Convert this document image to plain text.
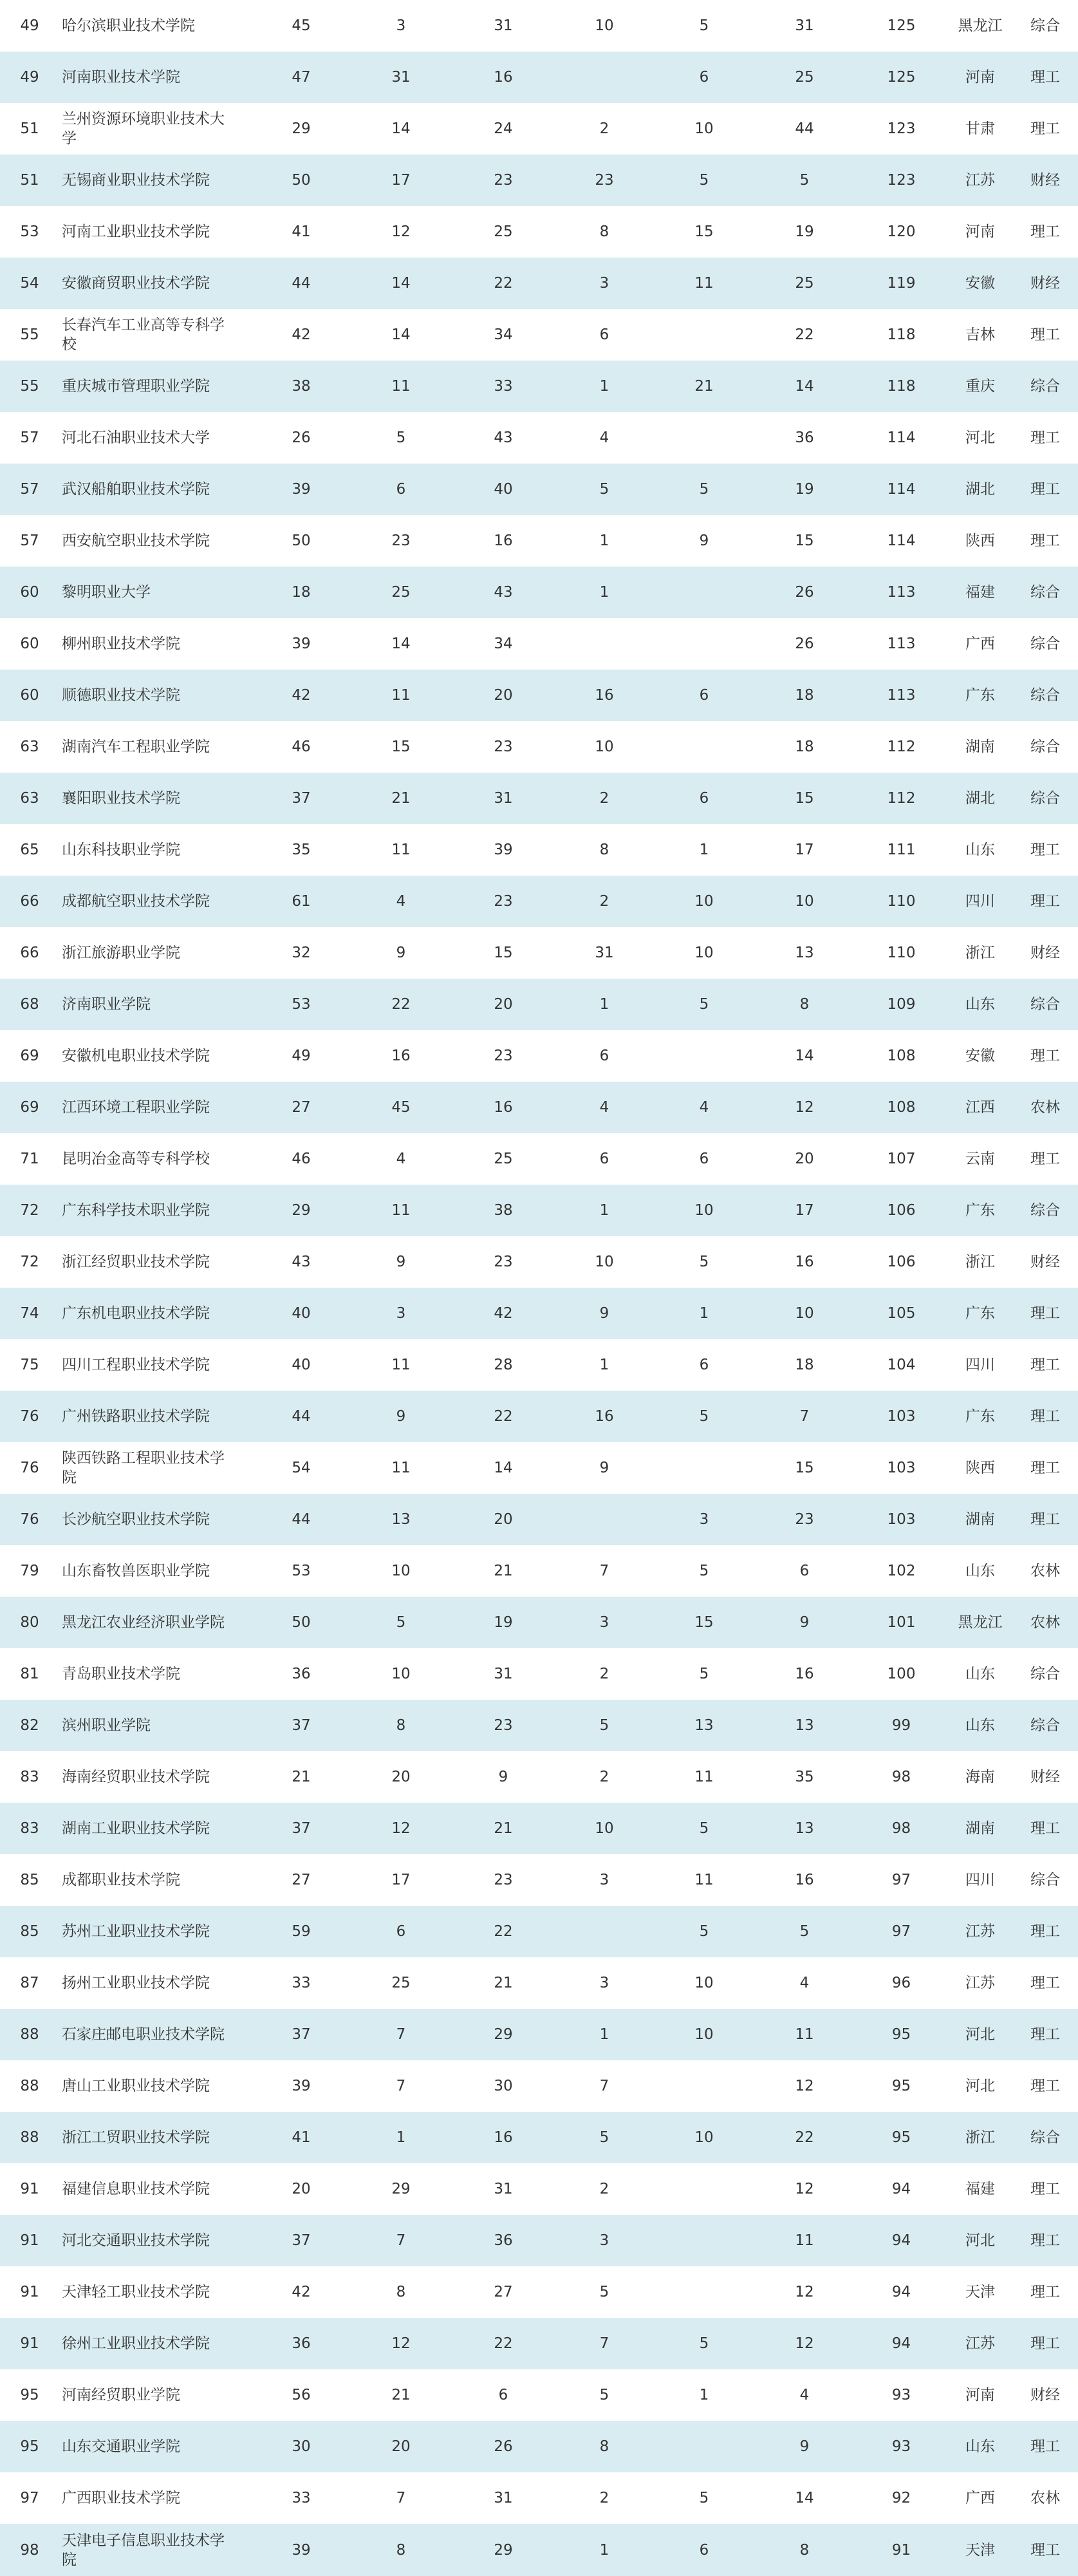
49	哈尔滨职业技术学院	45	3	31	10	5	31	125	黑龙江	综合
49	河南职业技术学院	47	31	16		6	25	125	河南	理工
51	兰州资源环境职业技术大学	29	14	24	2	10	44	123	甘肃	理工
51	无锡商业职业技术学院	50	17	23	23	5	5	123	江苏	财经
53	河南工业职业技术学院	41	12	25	8	15	19	120	河南	理工
54	安徽商贸职业技术学院	44	14	22	3	11	25	119	安徽	财经
55	长春汽车工业高等专科学校	42	14	34	6		22	118	吉林	理工
55	重庆城市管理职业学院	38	11	33	1	21	14	118	重庆	综合
57	河北石油职业技术大学	26	5	43	4		36	114	河北	理工
57	武汉船舶职业技术学院	39	6	40	5	5	19	114	湖北	理工
57	西安航空职业技术学院	50	23	16	1	9	15	114	陕西	理工
60	黎明职业大学	18	25	43	1		26	113	福建	综合
60	柳州职业技术学院	39	14	34			26	113	广西	综合
60	顺德职业技术学院	42	11	20	16	6	18	113	广东	综合
63	湖南汽车工程职业学院	46	15	23	10		18	112	湖南	综合
63	襄阳职业技术学院	37	21	31	2	6	15	112	湖北	综合
65	山东科技职业学院	35	11	39	8	1	17	111	山东	理工
66	成都航空职业技术学院	61	4	23	2	10	10	110	四川	理工
66	浙江旅游职业学院	32	9	15	31	10	13	110	浙江	财经
68	济南职业学院	53	22	20	1	5	8	109	山东	综合
69	安徽机电职业技术学院	49	16	23	6		14	108	安徽	理工
69	江西环境工程职业学院	27	45	16	4	4	12	108	江西	农林
71	昆明冶金高等专科学校	46	4	25	6	6	20	107	云南	理工
72	广东科学技术职业学院	29	11	38	1	10	17	106	广东	综合
72	浙江经贸职业技术学院	43	9	23	10	5	16	106	浙江	财经
74	广东机电职业技术学院	40	3	42	9	1	10	105	广东	理工
75	四川工程职业技术学院	40	11	28	1	6	18	104	四川	理工
76	广州铁路职业技术学院	44	9	22	16	5	7	103	广东	理工
76	陕西铁路工程职业技术学院	54	11	14	9		15	103	陕西	理工
76	长沙航空职业技术学院	44	13	20		3	23	103	湖南	理工
79	山东畜牧兽医职业学院	53	10	21	7	5	6	102	山东	农林
80	黑龙江农业经济职业学院	50	5	19	3	15	9	101	黑龙江	农林
81	青岛职业技术学院	36	10	31	2	5	16	100	山东	综合
82	滨州职业学院	37	8	23	5	13	13	99	山东	综合
83	海南经贸职业技术学院	21	20	9	2	11	35	98	海南	财经
83	湖南工业职业技术学院	37	12	21	10	5	13	98	湖南	理工
85	成都职业技术学院	27	17	23	3	11	16	97	四川	综合
85	苏州工业职业技术学院	59	6	22		5	5	97	江苏	理工
87	扬州工业职业技术学院	33	25	21	3	10	4	96	江苏	理工
88	石家庄邮电职业技术学院	37	7	29	1	10	11	95	河北	理工
88	唐山工业职业技术学院	39	7	30	7		12	95	河北	理工
88	浙江工贸职业技术学院	41	1	16	5	10	22	95	浙江	综合
91	福建信息职业技术学院	20	29	31	2		12	94	福建	理工
91	河北交通职业技术学院	37	7	36	3		11	94	河北	理工
91	天津轻工职业技术学院	42	8	27	5		12	94	天津	理工
91	徐州工业职业技术学院	36	12	22	7	5	12	94	江苏	理工
95	河南经贸职业学院	56	21	6	5	1	4	93	河南	财经
95	山东交通职业学院	30	20	26	8		9	93	山东	理工
97	广西职业技术学院	33	7	31	2	5	14	92	广西	农林
98	天津电子信息职业技术学院	39	8	29	1	6	8	91	天津	理工
